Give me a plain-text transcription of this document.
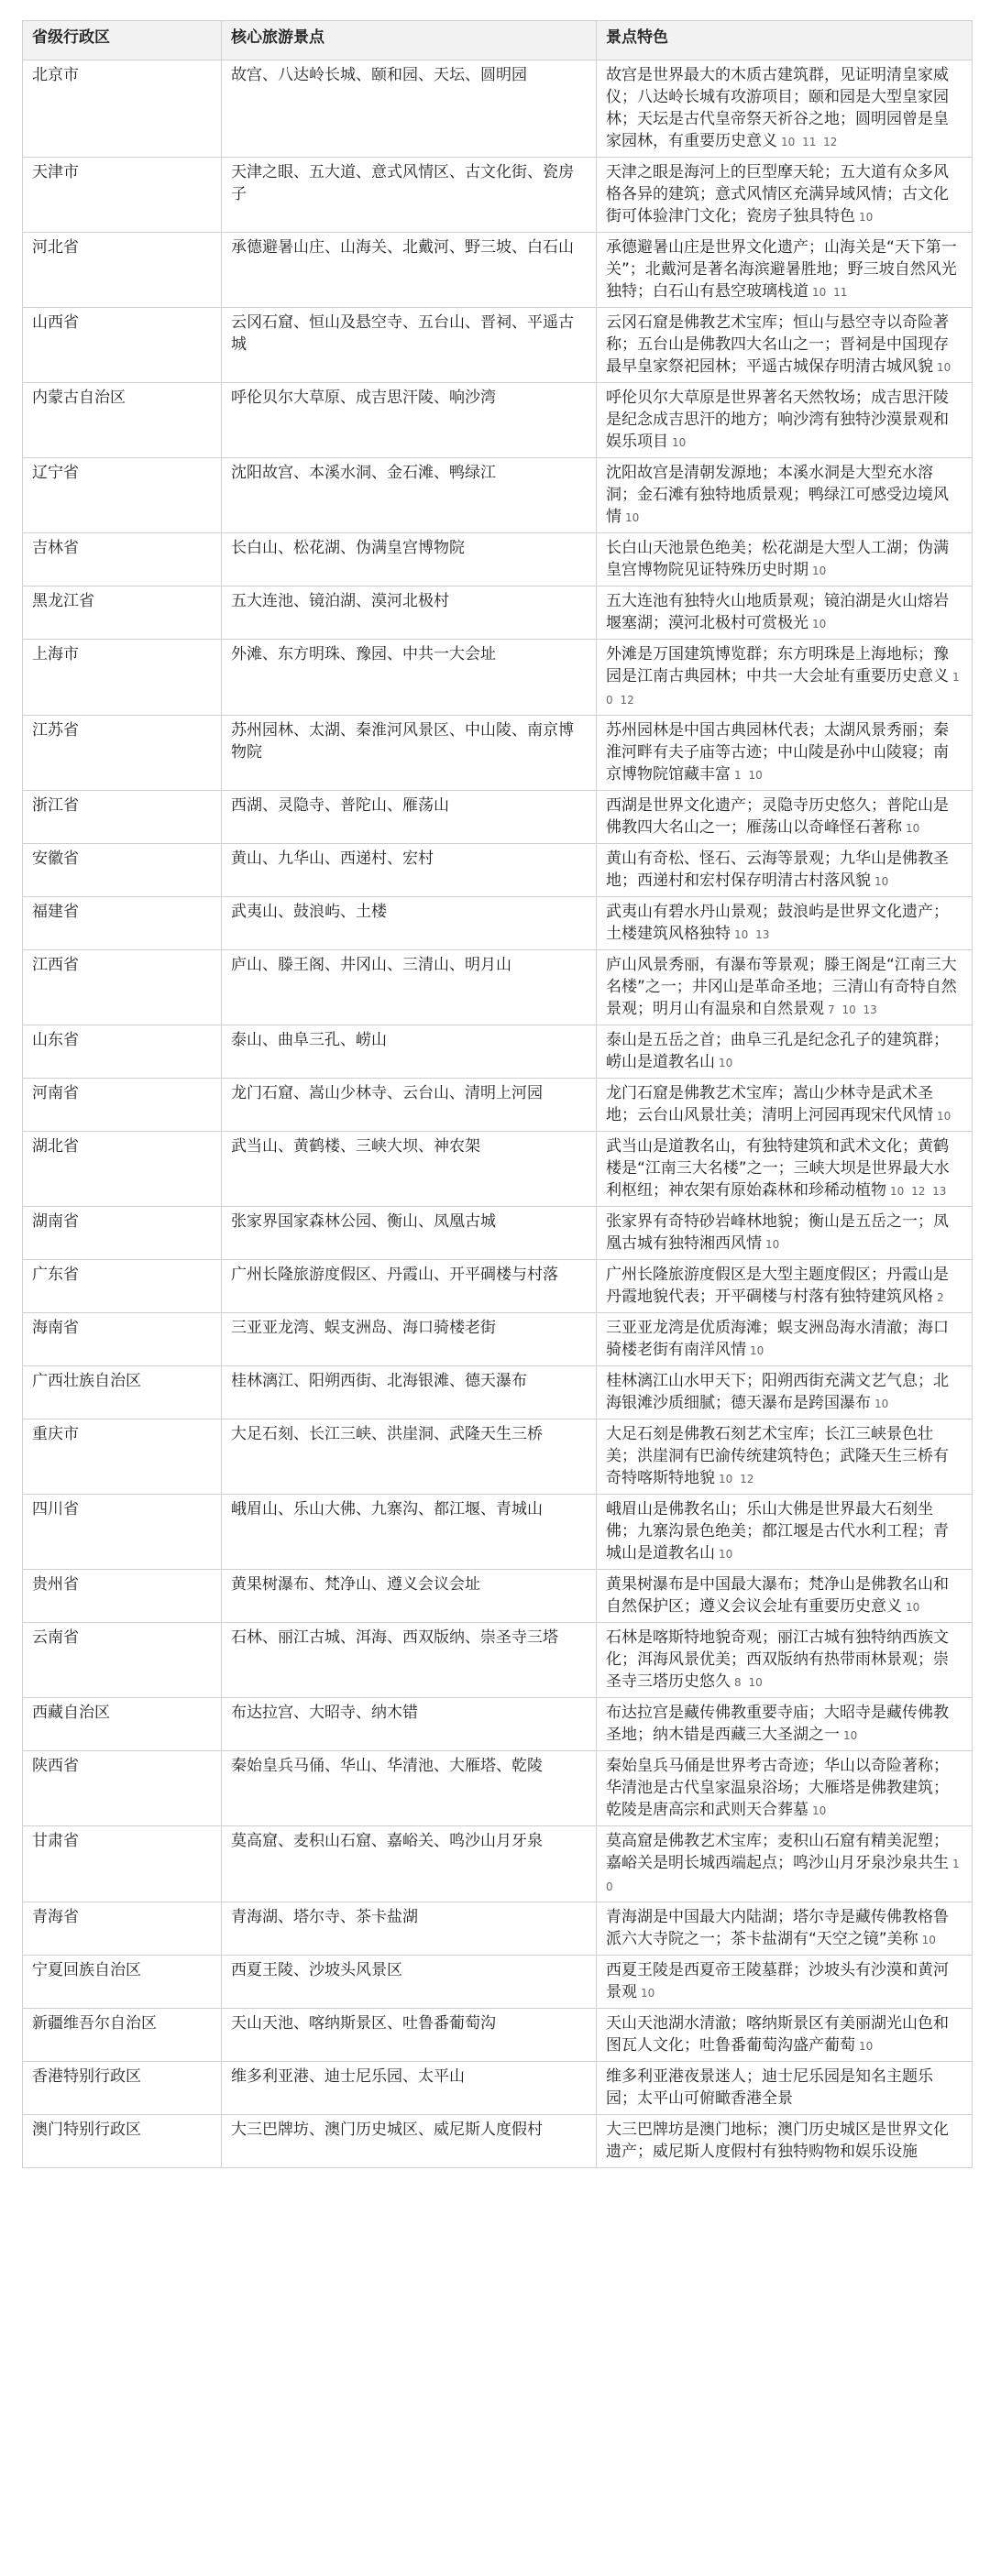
省级行政区	核心旅游景点	景点特色
北京市	故宫、八达岭长城、颐和园、天坛、圆明园	故宫是世界最大的木质古建筑群，见证明清皇家威仪；八达岭长城有攻游项目；颐和园是大型皇家园林；天坛是古代皇帝祭天祈谷之地；圆明园曾是皇家园林，有重要历史意义 10 11 12
天津市	天津之眼、五大道、意式风情区、古文化街、瓷房子	天津之眼是海河上的巨型摩天轮；五大道有众多风格各异的建筑；意式风情区充满异域风情；古文化街可体验津门文化；瓷房子独具特色 10
河北省	承德避暑山庄、山海关、北戴河、野三坡、白石山	承德避暑山庄是世界文化遗产；山海关是“天下第一关”；北戴河是著名海滨避暑胜地；野三坡自然风光独特；白石山有悬空玻璃栈道 10 11
山西省	云冈石窟、恒山及悬空寺、五台山、晋祠、平遥古城	云冈石窟是佛教艺术宝库；恒山与悬空寺以奇险著称；五台山是佛教四大名山之一；晋祠是中国现存最早皇家祭祀园林；平遥古城保存明清古城风貌 10
内蒙古自治区	呼伦贝尔大草原、成吉思汗陵、响沙湾	呼伦贝尔大草原是世界著名天然牧场；成吉思汗陵是纪念成吉思汗的地方；响沙湾有独特沙漠景观和娱乐项目 10
辽宁省	沈阳故宫、本溪水洞、金石滩、鸭绿江	沈阳故宫是清朝发源地；本溪水洞是大型充水溶洞；金石滩有独特地质景观；鸭绿江可感受边境风情 10
吉林省	长白山、松花湖、伪满皇宫博物院	长白山天池景色绝美；松花湖是大型人工湖；伪满皇宫博物院见证特殊历史时期 10
黑龙江省	五大连池、镜泊湖、漠河北极村	五大连池有独特火山地质景观；镜泊湖是火山熔岩堰塞湖；漠河北极村可赏极光 10
上海市	外滩、东方明珠、豫园、中共一大会址	外滩是万国建筑博览群；东方明珠是上海地标；豫园是江南古典园林；中共一大会址有重要历史意义 10 12
江苏省	苏州园林、太湖、秦淮河风景区、中山陵、南京博物院	苏州园林是中国古典园林代表；太湖风景秀丽；秦淮河畔有夫子庙等古迹；中山陵是孙中山陵寝；南京博物院馆藏丰富 1 10
浙江省	西湖、灵隐寺、普陀山、雁荡山	西湖是世界文化遗产；灵隐寺历史悠久；普陀山是佛教四大名山之一；雁荡山以奇峰怪石著称 10
安徽省	黄山、九华山、西递村、宏村	黄山有奇松、怪石、云海等景观；九华山是佛教圣地；西递村和宏村保存明清古村落风貌 10
福建省	武夷山、鼓浪屿、土楼	武夷山有碧水丹山景观；鼓浪屿是世界文化遗产；土楼建筑风格独特 10 13
江西省	庐山、滕王阁、井冈山、三清山、明月山	庐山风景秀丽，有瀑布等景观；滕王阁是“江南三大名楼”之一；井冈山是革命圣地；三清山有奇特自然景观；明月山有温泉和自然景观 7 10 13
山东省	泰山、曲阜三孔、崂山	泰山是五岳之首；曲阜三孔是纪念孔子的建筑群；崂山是道教名山 10
河南省	龙门石窟、嵩山少林寺、云台山、清明上河园	龙门石窟是佛教艺术宝库；嵩山少林寺是武术圣地；云台山风景壮美；清明上河园再现宋代风情 10
湖北省	武当山、黄鹤楼、三峡大坝、神农架	武当山是道教名山，有独特建筑和武术文化；黄鹤楼是“江南三大名楼”之一；三峡大坝是世界最大水利枢纽；神农架有原始森林和珍稀动植物 10 12 13
湖南省	张家界国家森林公园、衡山、凤凰古城	张家界有奇特砂岩峰林地貌；衡山是五岳之一；凤凰古城有独特湘西风情 10
广东省	广州长隆旅游度假区、丹霞山、开平碉楼与村落	广州长隆旅游度假区是大型主题度假区；丹霞山是丹霞地貌代表；开平碉楼与村落有独特建筑风格 2
海南省	三亚亚龙湾、蜈支洲岛、海口骑楼老街	三亚亚龙湾是优质海滩；蜈支洲岛海水清澈；海口骑楼老街有南洋风情 10
广西壮族自治区	桂林漓江、阳朔西街、北海银滩、德天瀑布	桂林漓江山水甲天下；阳朔西街充满文艺气息；北海银滩沙质细腻；德天瀑布是跨国瀑布 10
重庆市	大足石刻、长江三峡、洪崖洞、武隆天生三桥	大足石刻是佛教石刻艺术宝库；长江三峡景色壮美；洪崖洞有巴渝传统建筑特色；武隆天生三桥有奇特喀斯特地貌 10 12
四川省	峨眉山、乐山大佛、九寨沟、都江堰、青城山	峨眉山是佛教名山；乐山大佛是世界最大石刻坐佛；九寨沟景色绝美；都江堰是古代水利工程；青城山是道教名山 10
贵州省	黄果树瀑布、梵净山、遵义会议会址	黄果树瀑布是中国最大瀑布；梵净山是佛教名山和自然保护区；遵义会议会址有重要历史意义 10
云南省	石林、丽江古城、洱海、西双版纳、崇圣寺三塔	石林是喀斯特地貌奇观；丽江古城有独特纳西族文化；洱海风景优美；西双版纳有热带雨林景观；崇圣寺三塔历史悠久 8 10
西藏自治区	布达拉宫、大昭寺、纳木错	布达拉宫是藏传佛教重要寺庙；大昭寺是藏传佛教圣地；纳木错是西藏三大圣湖之一 10
陕西省	秦始皇兵马俑、华山、华清池、大雁塔、乾陵	秦始皇兵马俑是世界考古奇迹；华山以奇险著称；华清池是古代皇家温泉浴场；大雁塔是佛教建筑；乾陵是唐高宗和武则天合葬墓 10
甘肃省	莫高窟、麦积山石窟、嘉峪关、鸣沙山月牙泉	莫高窟是佛教艺术宝库；麦积山石窟有精美泥塑；嘉峪关是明长城西端起点；鸣沙山月牙泉沙泉共生 10
青海省	青海湖、塔尔寺、茶卡盐湖	青海湖是中国最大内陆湖；塔尔寺是藏传佛教格鲁派六大寺院之一；茶卡盐湖有“天空之镜”美称 10
宁夏回族自治区	西夏王陵、沙坡头风景区	西夏王陵是西夏帝王陵墓群；沙坡头有沙漠和黄河景观 10
新疆维吾尔自治区	天山天池、喀纳斯景区、吐鲁番葡萄沟	天山天池湖水清澈；喀纳斯景区有美丽湖光山色和图瓦人文化；吐鲁番葡萄沟盛产葡萄 10
香港特别行政区	维多利亚港、迪士尼乐园、太平山	维多利亚港夜景迷人；迪士尼乐园是知名主题乐园；太平山可俯瞰香港全景
澳门特别行政区	大三巴牌坊、澳门历史城区、威尼斯人度假村	大三巴牌坊是澳门地标；澳门历史城区是世界文化遗产；威尼斯人度假村有独特购物和娱乐设施
